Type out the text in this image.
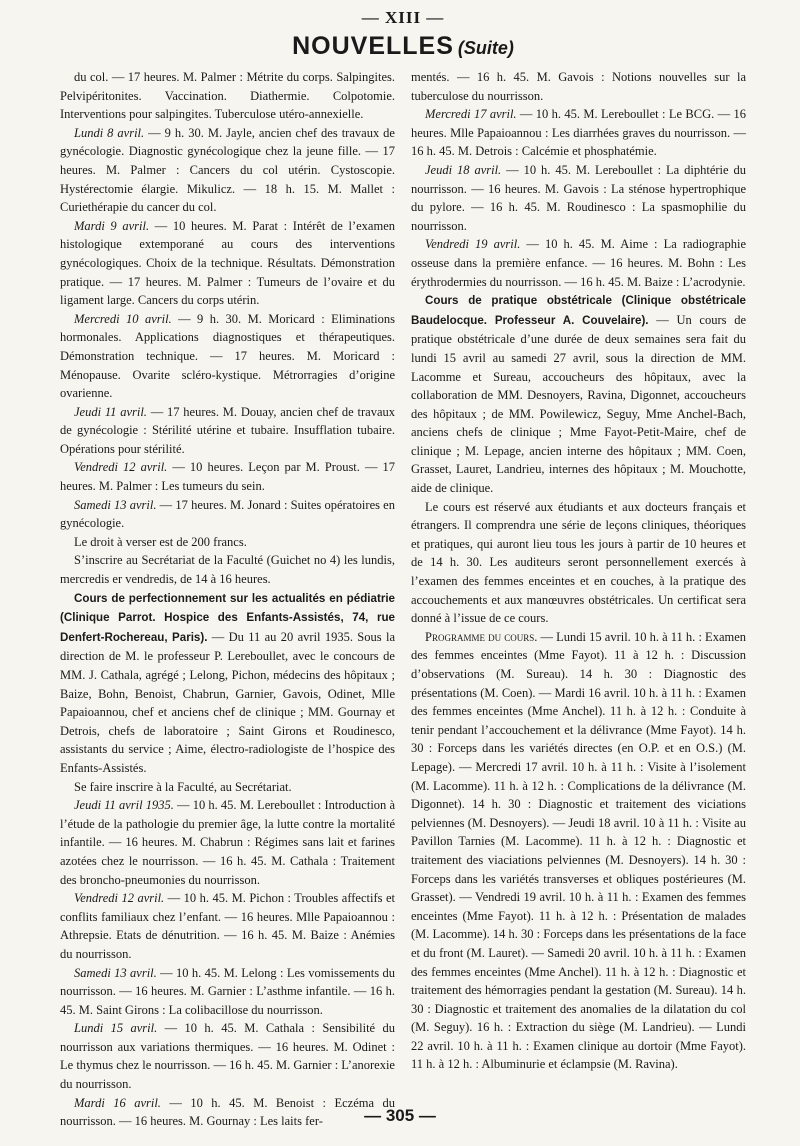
— XIII —
NOUVELLES (Suite)

du col. — 17 heures. M. Palmer : Métrite du corps. Salpingites. Pelvipéritonites. Vaccination. Diathermie. Colpotomie. Interventions pour salpingites. Tuberculose utéro-annexielle.

Lundi 8 avril. — 9 h. 30. M. Jayle, ancien chef des travaux de gynécologie. Diagnostic gynécologique chez la jeune fille. — 17 heures. M. Palmer : Cancers du col utérin. Cystoscopie. Hystérectomie élargie. Mikulicz. — 18 h. 15. M. Mallet : Curiethérapie du cancer du col.

Mardi 9 avril. — 10 heures. M. Parat : Intérêt de l’examen histologique extemporané au cours des interventions gynécologiques. Choix de la technique. Résultats. Démonstration pratique. — 17 heures. M. Palmer : Tumeurs de l’ovaire et du ligament large. Cancers du corps utérin.

Mercredi 10 avril. — 9 h. 30. M. Moricard : Eliminations hormonales. Applications diagnostiques et thérapeutiques. Démonstration technique. — 17 heures. M. Moricard : Ménopause. Ovarite scléro-kystique. Métrorragies d’origine ovarienne.

Jeudi 11 avril. — 17 heures. M. Douay, ancien chef de travaux de gynécologie : Stérilité utérine et tubaire. Insufflation tubaire. Opérations pour stérilité.

Vendredi 12 avril. — 10 heures. Leçon par M. Proust. — 17 heures. M. Palmer : Les tumeurs du sein.

Samedi 13 avril. — 17 heures. M. Jonard : Suites opératoires en gynécologie.

Le droit à verser est de 200 francs.

S’inscrire au Secrétariat de la Faculté (Guichet no 4) les lundis, mercredis er vendredis, de 14 à 16 heures.

Cours de perfectionnement sur les actualités en pédiatrie (Clinique Parrot. Hospice des Enfants-Assistés, 74, rue Denfert-Rochereau, Paris). — Du 11 au 20 avril 1935. Sous la direction de M. le professeur P. Lereboullet, avec le concours de MM. J. Cathala, agrégé ; Lelong, Pichon, médecins des hôpitaux ; Baize, Bohn, Benoist, Chabrun, Garnier, Gavois, Odinet, Mlle Papaioannou, chef et anciens chef de clinique ; MM. Gournay et Detrois, chefs de laboratoire ; Saint Girons et Roudinesco, assistants du service ; Aime, électro-radiologiste de l’hospice des Enfants-Assistés.

Se faire inscrire à la Faculté, au Secrétariat.

Jeudi 11 avril 1935. — 10 h. 45. M. Lereboullet : Introduction à l’étude de la pathologie du premier âge, la lutte contre la mortalité infantile. — 16 heures. M. Chabrun : Régimes sans lait et farines azotées chez le nourrisson. — 16 h. 45. M. Cathala : Traitement des broncho-pneumonies du nourrisson.

Vendredi 12 avril. — 10 h. 45. M. Pichon : Troubles affectifs et conflits familiaux chez l’enfant. — 16 heures. Mlle Papaioannou : Athrepsie. Etats de dénutrition. — 16 h. 45. M. Baize : Anémies du nourrisson.

Samedi 13 avril. — 10 h. 45. M. Lelong : Les vomissements du nourrisson. — 16 heures. M. Garnier : L’asthme infantile. — 16 h. 45. M. Saint Girons : La colibacillose du nourrisson.

Lundi 15 avril. — 10 h. 45. M. Cathala : Sensibilité du nourrisson aux variations thermiques. — 16 heures. M. Odinet : Le thymus chez le nourrisson. — 16 h. 45. M. Garnier : L’anorexie du nourrisson.

Mardi 16 avril. — 10 h. 45. M. Benoist : Eczéma du nourrisson. — 16 heures. M. Gournay : Les laits fer-

mentés. — 16 h. 45. M. Gavois : Notions nouvelles sur la tuberculose du nourrisson.

Mercredi 17 avril. — 10 h. 45. M. Lereboullet : Le BCG. — 16 heures. Mlle Papaioannou : Les diarrhées graves du nourrisson. — 16 h. 45. M. Detrois : Calcémie et phosphatémie.

Jeudi 18 avril. — 10 h. 45. M. Lereboullet : La diphtérie du nourrisson. — 16 heures. M. Gavois : La sténose hypertrophique du pylore. — 16 h. 45. M. Roudinesco : La spasmophilie du nourrisson.

Vendredi 19 avril. — 10 h. 45. M. Aime : La radiographie osseuse dans la première enfance. — 16 heures. M. Bohn : Les érythrodermies du nourrisson. — 16 h. 45. M. Baize : L’acrodynie.

Cours de pratique obstétricale (Clinique obstétricale Baudelocque. Professeur A. Couvelaire). — Un cours de pratique obstétricale d’une durée de deux semaines sera fait du lundi 15 avril au samedi 27 avril, sous la direction de MM. Lacomme et Sureau, accoucheurs des hôpitaux, avec la collaboration de MM. Desnoyers, Ravina, Digonnet, accoucheurs des hôpitaux ; de MM. Powilewicz, Seguy, Mme Anchel-Bach, anciens chefs de clinique ; Mme Fayot-Petit-Maire, chef de clinique ; M. Lepage, ancien interne des hôpitaux ; MM. Coen, Grasset, Lauret, Landrieu, internes des hôpitaux ; M. Mouchotte, aide de clinique.

Le cours est réservé aux étudiants et aux docteurs français et étrangers. Il comprendra une série de leçons cliniques, théoriques et pratiques, qui auront lieu tous les jours à partir de 10 heures et de 14 h. 30. Les auditeurs seront personnellement exercés à l’examen des femmes enceintes et en couches, à la pratique des accouchements et aux manœuvres obstétricales. Un certificat sera donné à l’issue de ce cours.

Programme du cours. — Lundi 15 avril. 10 h. à 11 h. : Examen des femmes enceintes (Mme Fayot). 11 à 12 h. : Discussion d’observations (M. Sureau). 14 h. 30 : Diagnostic des présentations (M. Coen). — Mardi 16 avril. 10 h. à 11 h. : Examen des femmes enceintes (Mme Anchel). 11 h. à 12 h. : Conduite à tenir pendant l’accouchement et la délivrance (Mme Fayot). 14 h. 30 : Forceps dans les variétés directes (en O.P. et en O.S.) (M. Lepage). — Mercredi 17 avril. 10 h. à 11 h. : Visite à l’isolement (M. Lacomme). 11 h. à 12 h. : Complications de la délivrance (M. Digonnet). 14 h. 30 : Diagnostic et traitement des viciations pelviennes (M. Desnoyers). — Jeudi 18 avril. 10 à 11 h. : Visite au Pavillon Tarnies (M. Lacomme). 11 h. à 12 h. : Diagnostic et traitement des viaciations pelviennes (M. Desnoyers). 14 h. 30 : Forceps dans les variétés transverses et obliques postérieures (M. Grasset). — Vendredi 19 avril. 10 h. à 11 h. : Examen des femmes enceintes (Mme Fayot). 11 h. à 12 h. : Présentation de malades (M. Lacomme). 14 h. 30 : Forceps dans les présentations de la face et du front (M. Lauret). — Samedi 20 avril. 10 h. à 11 h. : Examen des femmes enceintes (Mme Anchel). 11 h. à 12 h. : Diagnostic et traitement des hémorragies pendant la gestation (M. Sureau). 14 h. 30 : Diagnostic et traitement des anomalies de la dilatation du col (M. Seguy). 16 h. : Extraction du siège (M. Landrieu). — Lundi 22 avril. 10 h. à 11 h. : Examen clinique au dortoir (Mme Fayot). 11 h. à 12 h. : Albuminurie et éclampsie (M. Ravina).

— 305 —
